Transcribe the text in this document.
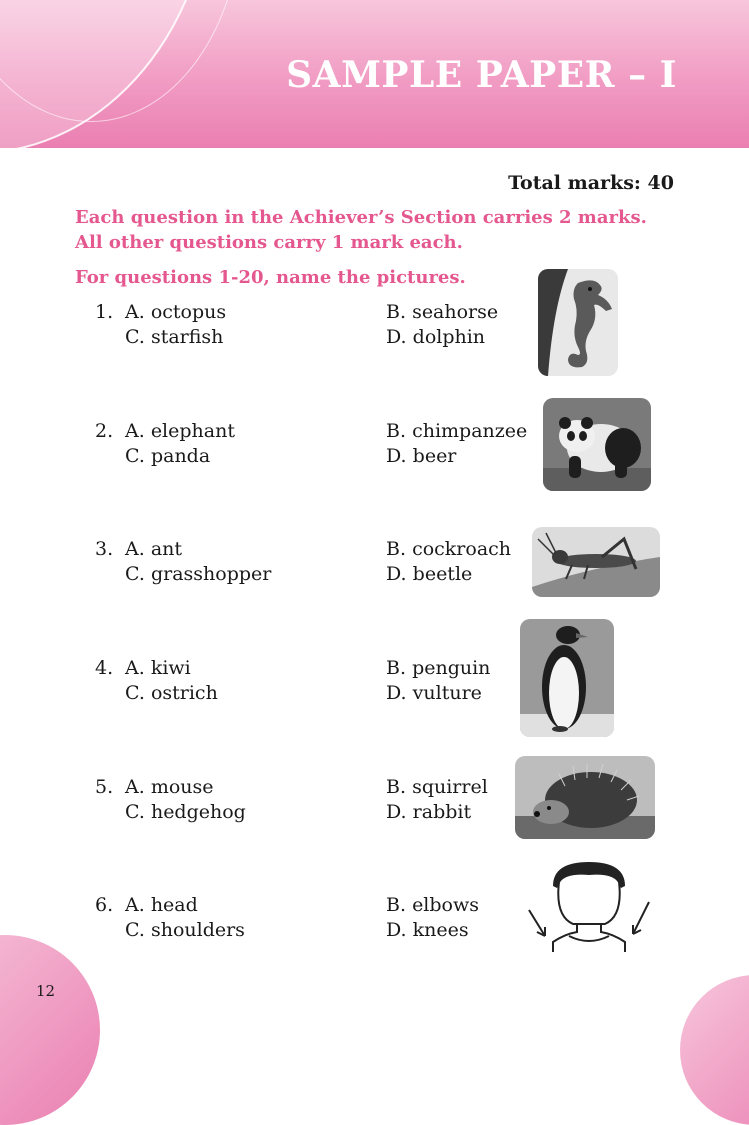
SAMPLE PAPER – I
Total marks: 40
Each question in the Achiever’s Section carries 2 marks.
All other questions carry 1 mark each.
For questions 1-20, name the pictures.
1. A. octopus	B. seahorse
C. starfish	D. dolphin
2. A. elephant	B. chimpanzee
C. panda	D. beer
3. A. ant	B. cockroach
C. grasshopper	D. beetle
4. A. kiwi	B. penguin
C. ostrich	D. vulture
5. A. mouse	B. squirrel
C. hedgehog	D. rabbit
6. A. head	B. elbows
C. shoulders	D. knees
12
